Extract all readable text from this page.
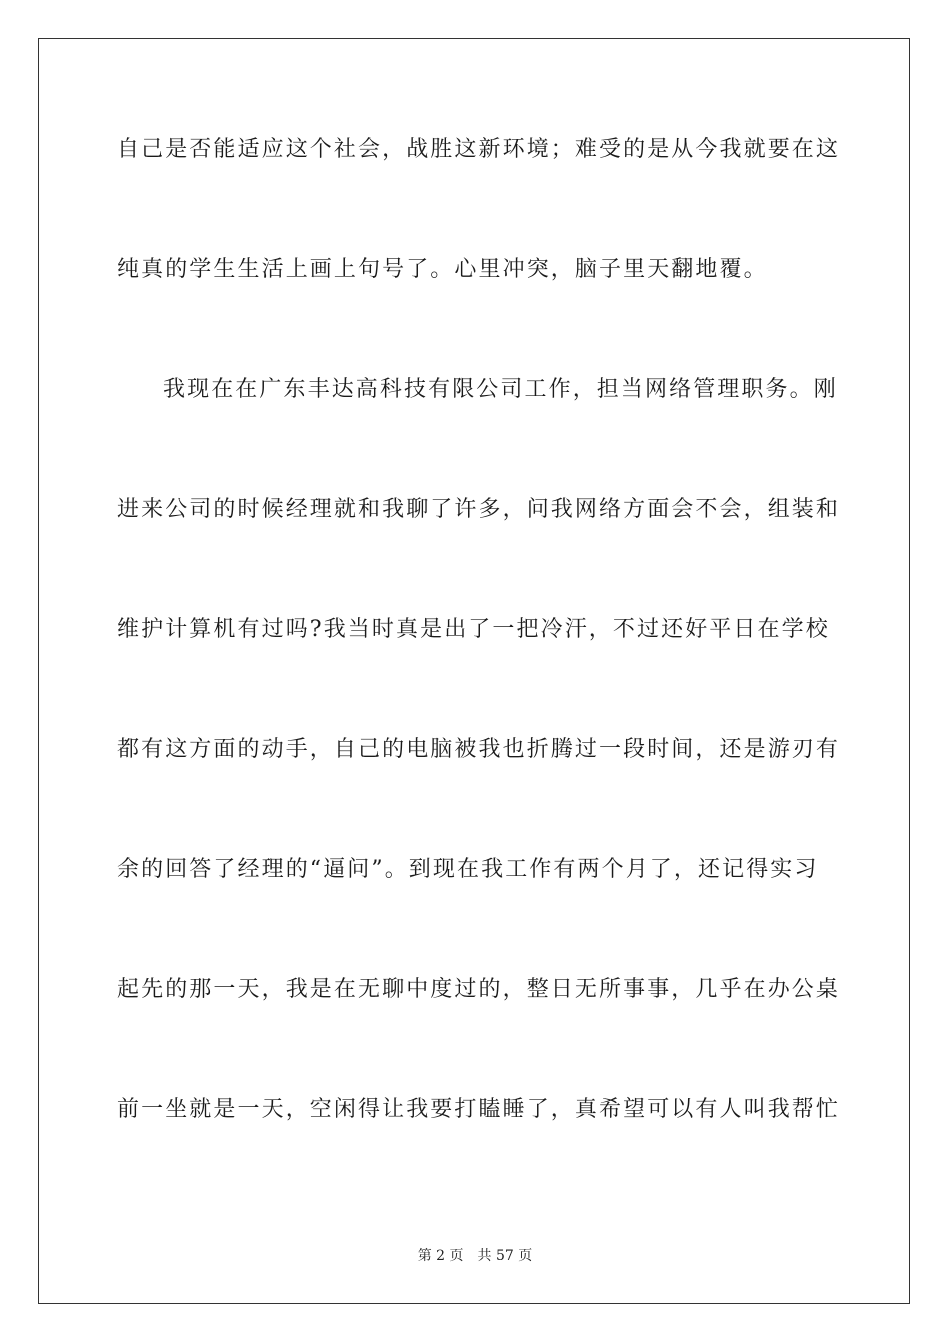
自己是否能适应这个社会，战胜这新环境；难受的是从今我就要在这
纯真的学生生活上画上句号了。心里冲突，脑子里天翻地覆。
我现在在广东丰达高科技有限公司工作，担当网络管理职务。刚
进来公司的时候经理就和我聊了许多，问我网络方面会不会，组装和
维护计算机有过吗?我当时真是出了一把冷汗，不过还好平日在学校
都有这方面的动手，自己的电脑被我也折腾过一段时间，还是游刃有
余的回答了经理的“逼问”。到现在我工作有两个月了，还记得实习
起先的那一天，我是在无聊中度过的，整日无所事事，几乎在办公桌
前一坐就是一天，空闲得让我要打瞌睡了，真希望可以有人叫我帮忙
第 2 页 共 57 页
